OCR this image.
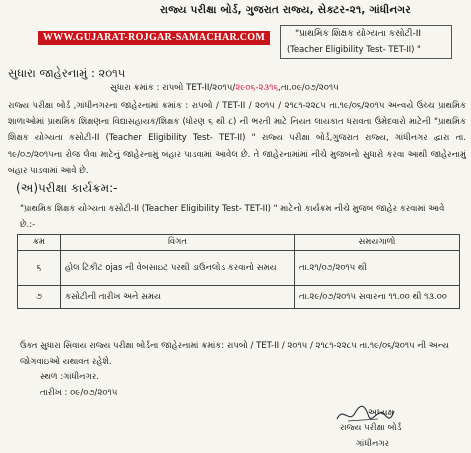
રાજ્ય પરીક્ષા બોર્ડ, ગુજરાત રાજ્ય, સેક્ટર-૨૧, ગાંધીનગર
WWW.GUJARAT-ROJGAR-SAMACHAR.COM	"પ્રાથમિક શિક્ષક યોગ્યતા કસોટી-II
(Teacher Eligibility Test- TET-II) "
સુધારા જાહેરનામું : ૨૦૧૫
સુધારા ક્રમાંક : રાપબો TET-II/૨૦૧૫/૨૯૦૬-૨૩૧૬,તા.૦૯/૦૭/૨૦૧૫
રાજ્ય પરીક્ષા બોર્ડ ,ગાંધીનગરના જાહેરનામાં ક્રમાંક : રાપબો / TET-II / ૨૦૧૫ / ૨૧૮૧-૨૨૮૫ તા.૧૯/૦૬/૨૦૧૫ અન્વયે ઉચ્ચ પ્રાથમિક શાળાઓમાં પ્રાથમિક શિક્ષણના વિદ્યાસહાયક/શિક્ષક (ધોરણ ૬ થી ૮) ની ભરતી માટે નિયત લાયકાત ધરાવતા ઉમેદવારો માટેની "પ્રાથમિક શિક્ષક યોગ્યતા કસોટી-II (Teacher Eligibility Test- TET-II) " રાજ્ય પરીક્ષા બોર્ડ,ગુજરાત રાજ્ય, ગાંધીનગર દ્વારા તા. ૧૯/૦૭/૨૦૧૫ના રોજ લેવા માટેનું જાહેરનામું બહાર પાડવામાં આવેલ છે. તે જાહેરનામાંમાં નીચે મુજબનો સુધારો કરવા આથી જાહેરનામું બહાર પાડવામાં આવે છે.
(અ)પરીક્ષા કાર્યક્રમ:-
"પ્રાથમિક શિક્ષક યોગ્યતા કસોટી-II (Teacher Eligibility Test- TET-II) " માટેનો કાર્યક્રમ નીચે મુજબ જાહેર કરવામાં આવે છે.:-
ક્રમ	વિગત	સમયગાળો
૬	હોલ ટિકીટ ojas ની વેબસાઇટ પરથી ડાઉનલોડ કરવાનો સમય	તા.૨૧/૦૭/૨૦૧૫ થી
૭	કસોટીની તારીખ અને સમય	તા.૨૯/૦૭/૨૦૧૫ સવારના ૧૧.૦૦ થી ૧૩.૦૦
ઉક્ત સુધારા સિવાય રાજ્ય પરીક્ષા બોર્ડના જાહેરનામાં ક્રમાંક: રાપબો / TET-II / ૨૦૧૫ / ૨૧૮૧-૨૨૮૫ તા.૧૯/૦૬/૨૦૧૫ ની અન્ય જોગવાઇઓ યથાવત રહેશે.
સ્થળ :ગાંધીનગર.
તારીખ : ૦૯/૦૭/૨૦૧૫
અધ્યક્ષ
રાજ્ય પરીક્ષા બોર્ડ
ગાંધીનગર
